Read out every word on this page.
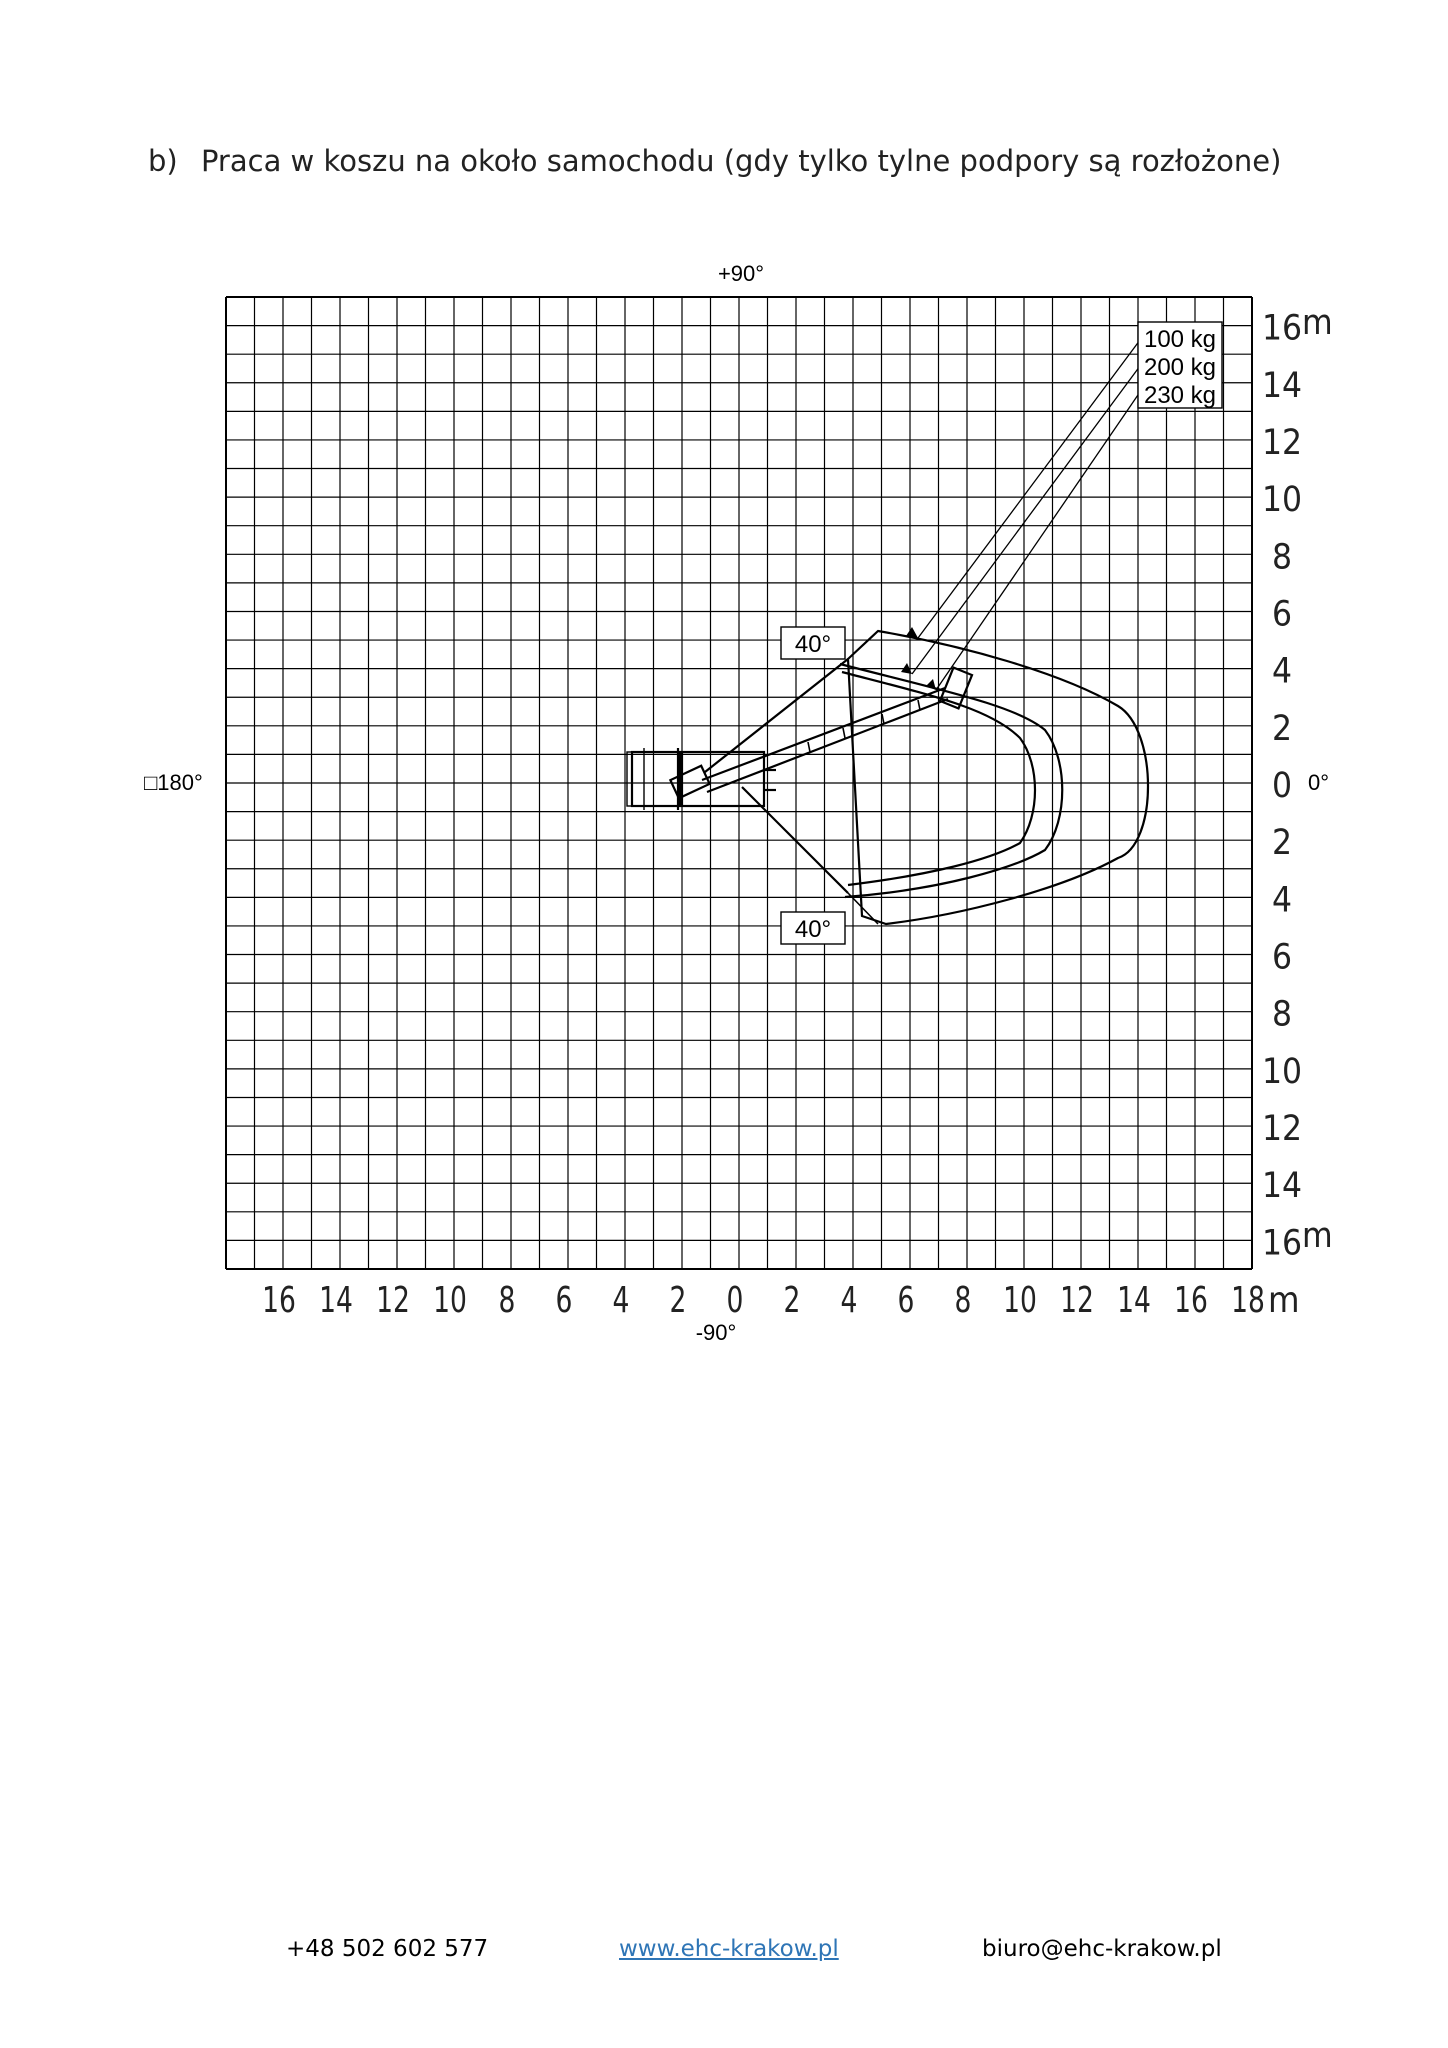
b) Praca w koszu na około samochodu (gdy tylko tylne podpory są rozłożone)
16 14 12 10 8 6 4 2 0 2 4 6 8 10 12 14 16 18 m
16
14
12
10
8
6
4
2
0
2
4
6
8
10
12
14
16
m
m
+90°
-90°
□180°	0°
100 kg
200 kg
230 kg
40°
40°
+48 502 602 577	www.ehc-krakow.pl	biuro@ehc-krakow.pl
